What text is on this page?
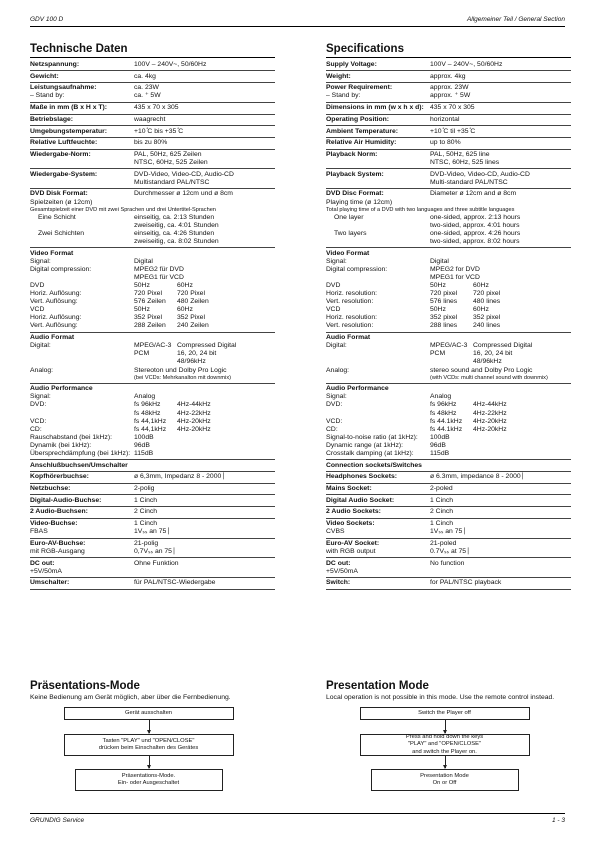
GDV 100 D	Allgemeiner Teil / General Section
Technische Daten
Netzspannung:	100V – 240V~, 50/60Hz
Gewicht:	ca. 4kg
Leistungsaufnahme:	ca. 23W
– Stand by:	ca. ⁺ 5W
Maße in mm (B x H x T):	435 x 70 x 305
Betriebslage:	waagrecht
Umgebungstemperatur:	+10 ̊C bis +35 ̊C
Relative Luftfeuchte:	bis zu 80%
Wiedergabe-Norm:	PAL, 50Hz, 625 Zeilen
NTSC, 60Hz, 525 Zeilen
Wiedergabe-System:	DVD-Video, Video-CD, Audio-CD
Multistandard PAL/NTSC
DVD Disk Format:	Durchmesser ø 12cm und ø 8cm
Spielzeiten (ø 12cm)
Gesamtspielzeit einer DVD mit zwei Sprachen und drei Untertitel-Sprachen
Eine Schicht	einseitig, ca. 2:13 Stunden
zweiseitig, ca. 4:01 Stunden
Zwei Schichten	einseitig, ca. 4:26 Stunden
zweiseitig, ca. 8:02 Stunden
Video Format
Signal:	Digital
Digital compression:	MPEG2 für DVD
MPEG1 für VCD
DVD	50Hz	60Hz
Horiz. Auflösung:	720 Pixel 720 Pixel
Vert. Auflösung:	576 Zeilen 480 Zeilen
VCD	50Hz	60Hz
Horiz. Auflösung:	352 Pixel 352 Pixel
Vert. Auflösung:	288 Zeilen 240 Zeilen
Audio Format
Digital:	MPEG/AC-3 Compressed Digital
PCM	16, 20, 24 bit
48/96kHz
Analog:	Stereoton und Dolby Pro Logic
(bei VCDs: Mehrkanalton mit downmix)
Audio Performance
Signal:	Analog
DVD:	fs 96kHz 4Hz-44kHz
fs 48kHz 4Hz-22kHz
VCD:	fs 44,1kHz 4Hz-20kHz
CD:	fs 44,1kHz 4Hz-20kHz
Rauschabstand (bei 1kHz):	100dB
Dynamik (bei 1kHz):	96dB
Übersprechdämpfung (bei 1kHz): 115dB
Anschlußbuchsen/Umschalter
Kopfhörerbuchse:	ø 6,3mm, Impedanz 8 - 2000 ⎸
Netzbuchse:	2-polig
Digital-Audio-Buchse:	1 Cinch
2 Audio-Buchsen:	2 Cinch
Video-Buchse:	1 Cinch
FBAS	1Vₛₛ an 75 ⎸
Euro-AV-Buchse:	21-polig
mit RGB-Ausgang	0,7Vₛₛ an 75 ⎸
DC out:	Ohne Funktion
+5V/50mA
Umschalter:	für PAL/NTSC-Wiedergabe
Specifications
Supply Voltage:	100V – 240V~, 50/60Hz
Weight:	approx. 4kg
Power Requirement:	approx. 23W
– Stand by:	approx. ⁺ 5W
Dimensions in mm (w x h x d): 435 x 70 x 305
Operating Position:	horizontal
Ambient Temperature:	+10 ̊C til +35 ̊C
Relative Air Humidity:	up to 80%
Playback Norm:	PAL, 50Hz, 625 line
NTSC, 60Hz, 525 lines
Playback System:	DVD-Video, Video-CD, Audio-CD
Multi-standard PAL/NTSC
DVD Disc Format:	Diameter ø 12cm and ø 8cm
Playing time (ø 12cm)
Total playing time of a DVD with two languages and three subtitle languages
One layer	one-sided, approx. 2:13 hours
two-sided, approx. 4:01 hours
Two layers	one-sided, approx. 4:26 hours
two-sided, approx. 8:02 hours
Video Format
Signal:	Digital
Digital compression:	MPEG2 for DVD
MPEG1 for VCD
DVD	50Hz	60Hz
Horiz. resolution:	720 pixel 720 pixel
Vert. resolution:	576 lines 480 lines
VCD	50Hz	60Hz
Horiz. resolution:	352 pixel 352 pixel
Vert. resolution:	288 lines 240 lines
Audio Format
Digital:	MPEG/AC-3 Compressed Digital
PCM	16, 20, 24 bit
48/96kHz
Analog:	stereo sound and Dolby Pro Logic
(with VCDs: multi channel sound with downmix)
Audio Performance
Signal:	Analog
DVD:	fs 96kHz 4Hz-44kHz
fs 48kHz 4Hz-22kHz
VCD:	fs 44.1kHz 4Hz-20kHz
CD:	fs 44.1kHz 4Hz-20kHz
Signal-to-noise ratio (at 1kHz):	100dB
Dynamic range (at 1kHz):	96dB
Crosstalk damping (at 1kHz):	115dB
Connection sockets/Switches
Headphones Sockets:	ø 6.3mm, impedance 8 - 2000 ⎸
Mains Socket:	2-poled
Digital Audio Socket:	1 Cinch
2 Audio Sockets:	2 Cinch
Video Sockets:	1 Cinch
CVBS	1Vₛₛ an 75 ⎸
Euro-AV Socket:	21-poled
with RGB output	0.7Vₛₛ at 75 ⎸
DC out:	No function
+5V/50mA
Switch:	for PAL/NTSC playback
Präsentations-Mode
Keine Bedienung am Gerät möglich, aber über die Fernbedienung.
Gerät ausschalten
Tasten "PLAY" und "OPEN/CLOSE"
drücken beim Einschalten des Gerätes
Präsentations-Mode.
Ein- oder Ausgeschaltet
Presentation Mode
Local operation is not possible in this mode. Use the remote control instead.
Switch the Player off
Press and hold down the keys
"PLAY" and "OPEN/CLOSE"
and switch the Player on.
Presentation Mode
On or Off
GRUNDIG Service	1 - 3
